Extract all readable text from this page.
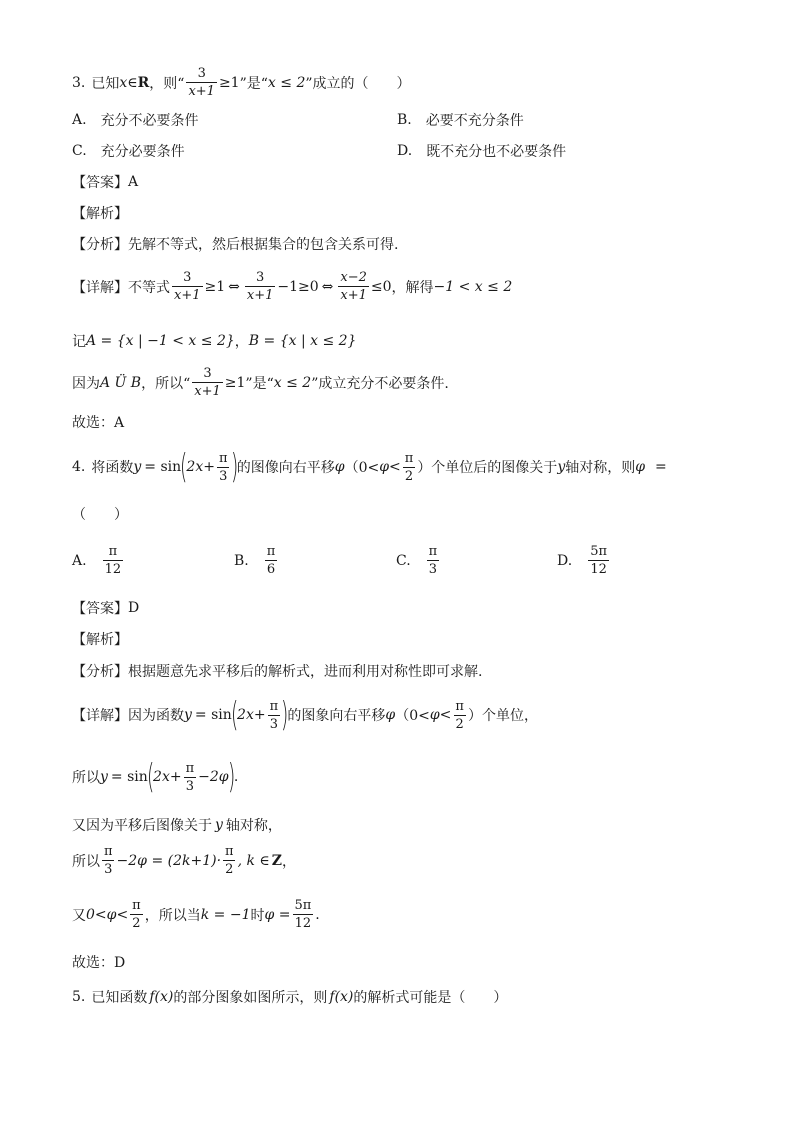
3. 已知 x ∈ R ，则“ $\frac{3}{x+1} \ge 1$ ”是“ x ≤ 2 ”成立的（　　）
A. 充分不必要条件	B. 必要不充分条件
C. 充分必要条件	D. 既不充分也不必要条件
【答案】 A
【解析】
【分析】 先解不等式，然后根据集合的包含关系可得.
【详解】 不等式 $\frac{3}{x+1} \ge 1$ ⇔ $\frac{3}{x+1} -1\ge 0$ ⇔ $\frac{x-2}{x+1} \le 0$ ，解得 −1 < x ≤ 2
记 A = {x | −1 < x ≤ 2} ， B = {x | x ≤ 2}
因为 A Ü B ，所以“ $\frac{3}{x+1} \ge 1$ ”是“ x ≤ 2 ”成立充分不必要条件.
故选：A
4. 将函数 y = sin
(
$2x+ \frac{\pi}{3}$ )
的图像向右平移 φ （$0< \varphi < \frac{\pi}{2}$ ）个单位后的图像关于 y 轴对称，则 φ =
（　　）
A. $\frac{\pi}{12}$	B. $\frac{\pi}{6}$	C. $\frac{\pi}{3}$	D. $\frac{5\pi}{12}$
【答案】 D
【解析】
【分析】 根据题意先求平移后的解析式，进而利用对称性即可求解.
【详解】 因为函数 y = sin
(
$2x+ \frac{\pi}{3}$ )
的图象向右平移 φ （$0< \varphi < \frac{\pi}{2}$ ）个单位，
所以 y = sin
(
$2x+ \frac{\pi}{3} -2\varphi$
)
.
又因为平移后图像关于 y 轴对称，
所以 $\frac{\pi}{3} -2\varphi = (2k+1)\cdot \frac{\pi}{2}$ , k ∈ Z ，
又 $0<\varphi< \frac{\pi}{2}$ ，所以当 k = −1 时 $\varphi = \frac{5\pi}{12}$ .
故选：D
5. 已知函数 f (x) 的部分图象如图所示，则 f (x) 的解析式可能是（　　）
